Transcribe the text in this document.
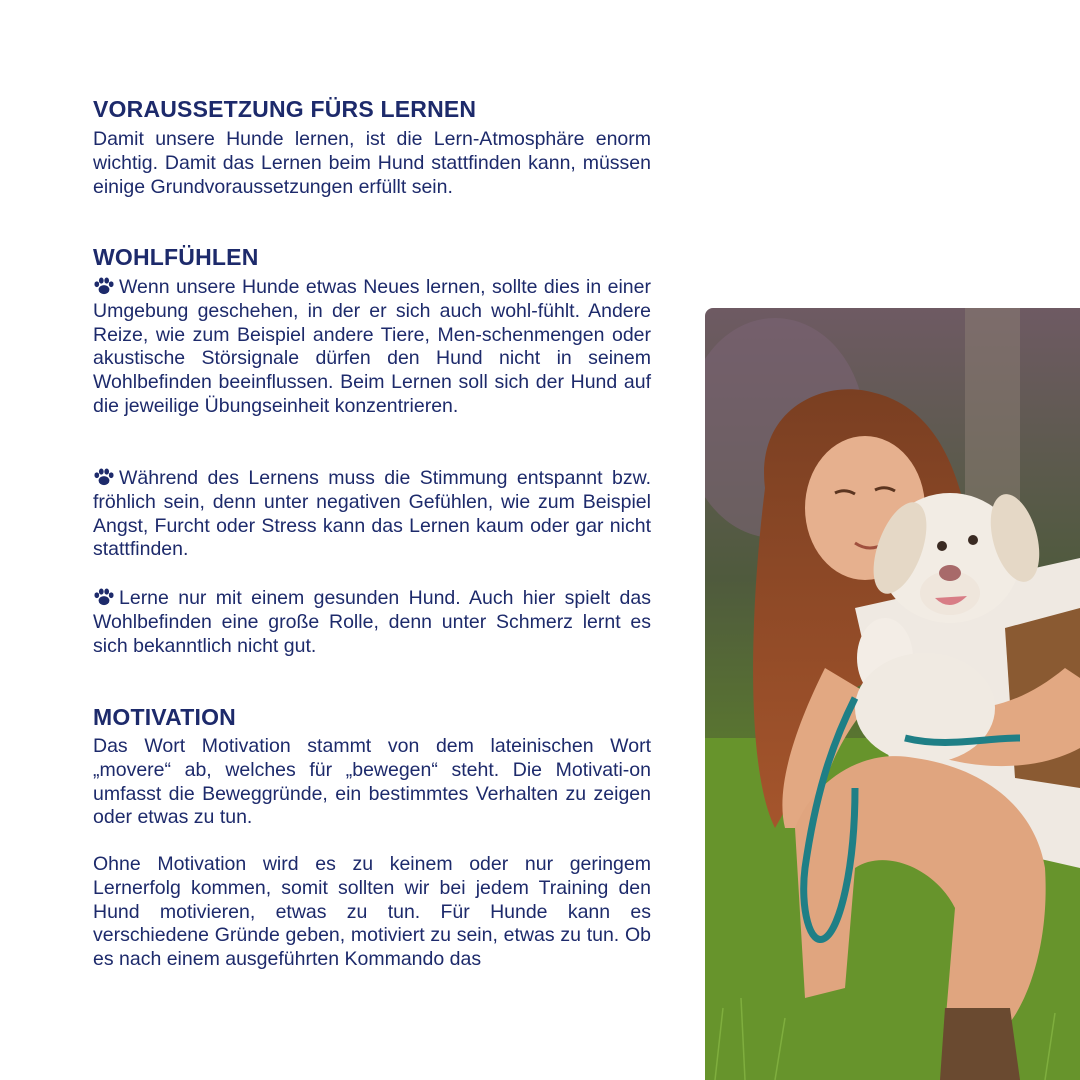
VORAUSSETZUNG FÜRS LERNEN

Damit unsere Hunde lernen, ist die Lern-Atmosphäre enorm wichtig. Damit das Lernen beim Hund stattfinden kann, müssen einige Grundvoraussetzungen erfüllt sein.

WOHLFÜHLEN

Wenn unsere Hunde etwas Neues lernen, sollte dies in einer Umgebung geschehen, in der er sich auch wohl-fühlt. Andere Reize, wie zum Beispiel andere Tiere, Men-schenmengen oder akustische Störsignale dürfen den Hund nicht in seinem Wohlbefinden beeinflussen. Beim Lernen soll sich der Hund auf die jeweilige Übungseinheit konzentrieren.

Während des Lernens muss die Stimmung entspannt bzw. fröhlich sein, denn unter negativen Gefühlen, wie zum Beispiel Angst, Furcht oder Stress kann das Lernen kaum oder gar nicht stattfinden.

Lerne nur mit einem gesunden Hund. Auch hier spielt das Wohlbefinden eine große Rolle, denn unter Schmerz lernt es sich bekanntlich nicht gut.

MOTIVATION

Das Wort Motivation stammt von dem lateinischen Wort „movere“ ab, welches für „bewegen“ steht. Die Motivati-on umfasst die Beweggründe, ein bestimmtes Verhalten zu zeigen oder etwas zu tun.

Ohne Motivation wird es zu keinem oder nur geringem Lernerfolg kommen, somit sollten wir bei jedem Training den Hund motivieren, etwas zu tun. Für Hunde kann es verschiedene Gründe geben, motiviert zu sein, etwas zu tun. Ob es nach einem ausgeführten Kommando das
